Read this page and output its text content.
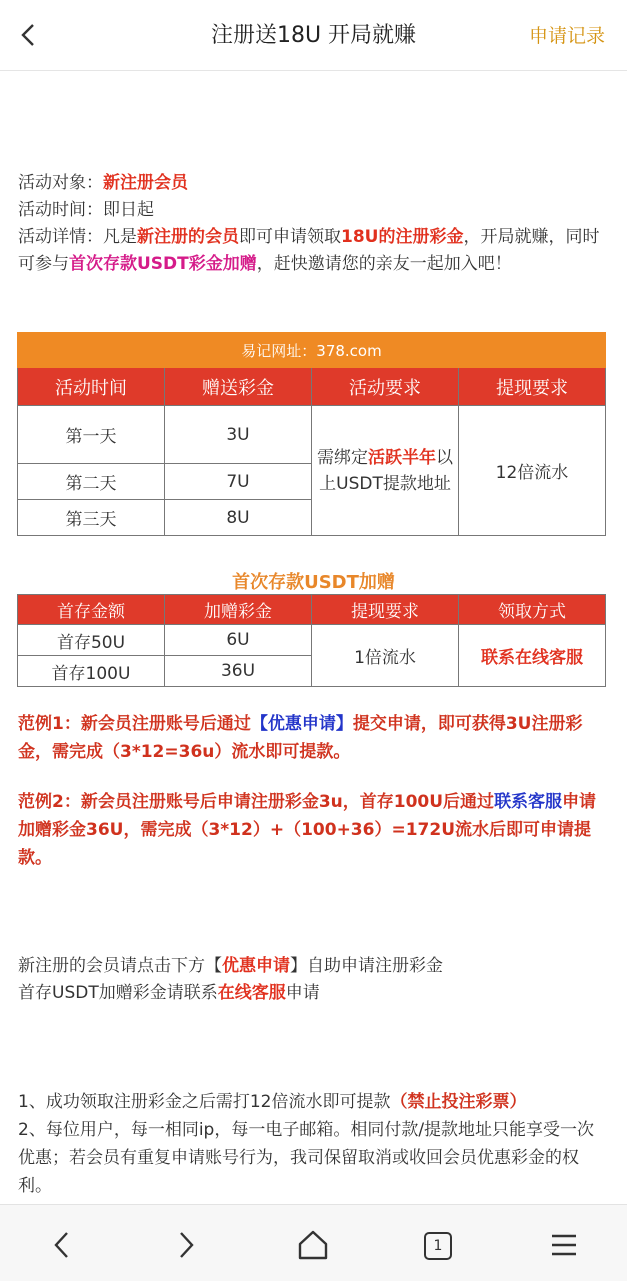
注册送18U 开局就赚	申请记录

活动对象：新注册会员

活动时间：即日起

活动详情：凡是新注册的会员即可申请领取18U的注册彩金，开局就赚，同时可参与首次存款USDT彩金加赠，赶快邀请您的亲友一起加入吧！

易记网址：378.com			
活动时间	赠送彩金	活动要求	提现要求
第一天	3U	需绑定活跃半年以上USDT提款地址	12倍流水
第二天	7U		
第三天	8U		
首次存款USDT加赠
首存金额	加赠彩金	提现要求	领取方式
首存50U	6U	1倍流水	联系在线客服
首存100U	36U		

范例1：新会员注册账号后通过【优惠申请】提交申请，即可获得3U注册彩金，需完成（3*12=36u）流水即可提款。

范例2：新会员注册账号后申请注册彩金3u，首存100U后通过联系客服申请加赠彩金36U，需完成（3*12）+（100+36）=172U流水后即可申请提款。

新注册的会员请点击下方【优惠申请】自助申请注册彩金

首存USDT加赠彩金请联系在线客服申请

1、成功领取注册彩金之后需打12倍流水即可提款（禁止投注彩票）

2、每位用户，每一相同ip，每一电子邮箱。相同付款/提款地址只能享受一次优惠；若会员有重复申请账号行为，我司保留取消或收回会员优惠彩金的权利。

1
